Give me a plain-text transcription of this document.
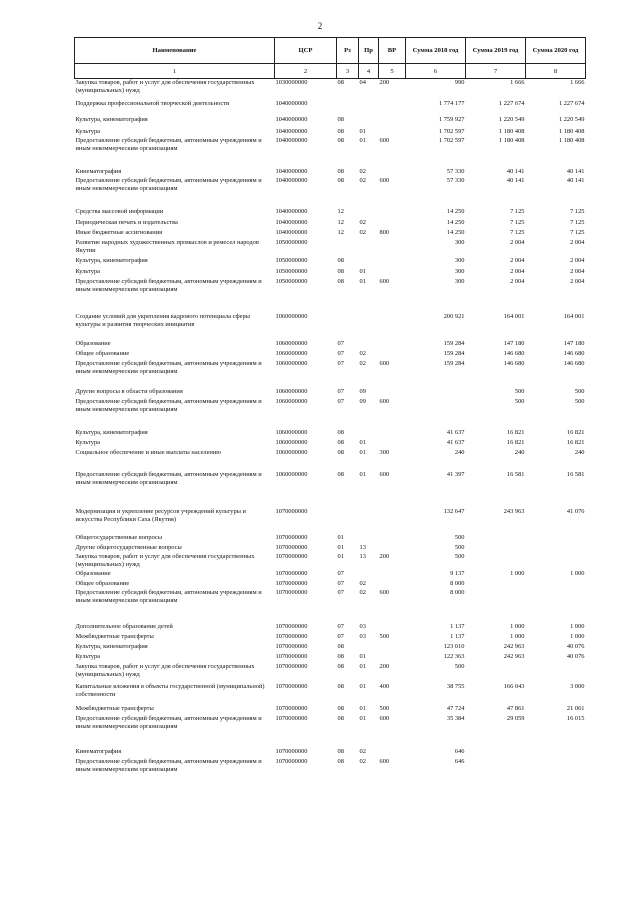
2
Наименование	ЦСР	Рз	Пр	ВР	Сумма 2018 год	Сумма 2019 год	Сумма 2020 год
1	2	3	4	5	6	7	8
Закупка товаров, работ и услуг для обеспечения государственных (муниципальных) нужд	1030000000	08	04	200	990	1 666	1 666
Поддержка профессиональной творческой деятельности	1040000000				1 774 177	1 227 674	1 227 674
Культура, кинематография	1040000000	08			1 759 927	1 220 549	1 220 549
Культура	1040000000	08	01		1 702 597	1 180 408	1 180 408
Предоставление субсидий бюджетным, автономным учреждениям и иным некоммерческим организациям	1040000000	08	01	600	1 702 597	1 180 408	1 180 408
Кинематография	1040000000	08	02		57 330	40 141	40 141
Предоставление субсидий бюджетным, автономным учреждениям и иным некоммерческим организациям	1040000000	08	02	600	57 330	40 141	40 141
Средства массовой информации	1040000000	12			14 250	7 125	7 125
Периодическая печать и издательства	1040000000	12	02		14 250	7 125	7 125
Иные бюджетные ассигнования	1040000000	12	02	800	14 250	7 125	7 125
Развитие народных художественных промыслов и ремесел народов Якутии	1050000000				300	2 004	2 004
Культура, кинематография	1050000000	08			300	2 004	2 004
Культура	1050000000	08	01		300	2 004	2 004
Предоставление субсидий бюджетным, автономным учреждениям и иным некоммерческим организациям	1050000000	08	01	600	300	2 004	2 004
Создание условий для укрепления кадрового потенциала сферы культуры и развития творческих инициатив	1060000000				200 921	164 001	164 001
Образование	1060000000	07			159 284	147 180	147 180
Общее образование	1060000000	07	02		159 284	146 680	146 680
Предоставление субсидий бюджетным, автономным учреждениям и иным некоммерческим организациям	1060000000	07	02	600	159 284	146 680	146 680
Другие вопросы в области образования	1060000000	07	09			500	500
Предоставление субсидий бюджетным, автономным учреждениям и иным некоммерческим организациям	1060000000	07	09	600		500	500
Культура, кинематография	1060000000	08			41 637	16 821	16 821
Культура	1060000000	08	01		41 637	16 821	16 821
Социальное обеспечение и иные выплаты населению	1060000000	08	01	300	240	240	240
Предоставление субсидий бюджетным, автономным учреждениям и иным некоммерческим организациям	1060000000	08	01	600	41 397	16 581	16 581
Модернизация и укрепление ресурсов учреждений культуры и искусства Республики Саха (Якутия)	1070000000				132 647	243 963	41 076
Общегосударственные вопросы	1070000000	01			500		
Другие общегосударственные вопросы	1070000000	01	13		500		
Закупка товаров, работ и услуг для обеспечения государственных (муниципальных) нужд	1070000000	01	13	200	500		
Образование	1070000000	07			9 137	1 000	1 000
Общее образование	1070000000	07	02		8 000		
Предоставление субсидий бюджетным, автономным учреждениям и иным некоммерческим организациям	1070000000	07	02	600	8 000		
Дополнительное образование детей	1070000000	07	03		1 137	1 000	1 000
Межбюджетные трансферты	1070000000	07	03	500	1 137	1 000	1 000
Культура, кинематография	1070000000	08			123 010	242 963	40 076
Культура	1070000000	08	01		122 363	242 963	40 076
Закупка товаров, работ и услуг для обеспечения государственных (муниципальных) нужд	1070000000	08	01	200	500		
Капитальные вложения в объекты государственной (муниципальной) собственности	1070000000	08	01	400	38 755	166 043	3 000
Межбюджетные трансферты	1070000000	08	01	500	47 724	47 861	21 061
Предоставление субсидий бюджетным, автономным учреждениям и иным некоммерческим организациям	1070000000	08	01	600	35 384	29 059	16 015
Кинематография	1070000000	08	02		646		
Предоставление субсидий бюджетным, автономным учреждениям и иным некоммерческим организациям	1070000000	08	02	600	646		
